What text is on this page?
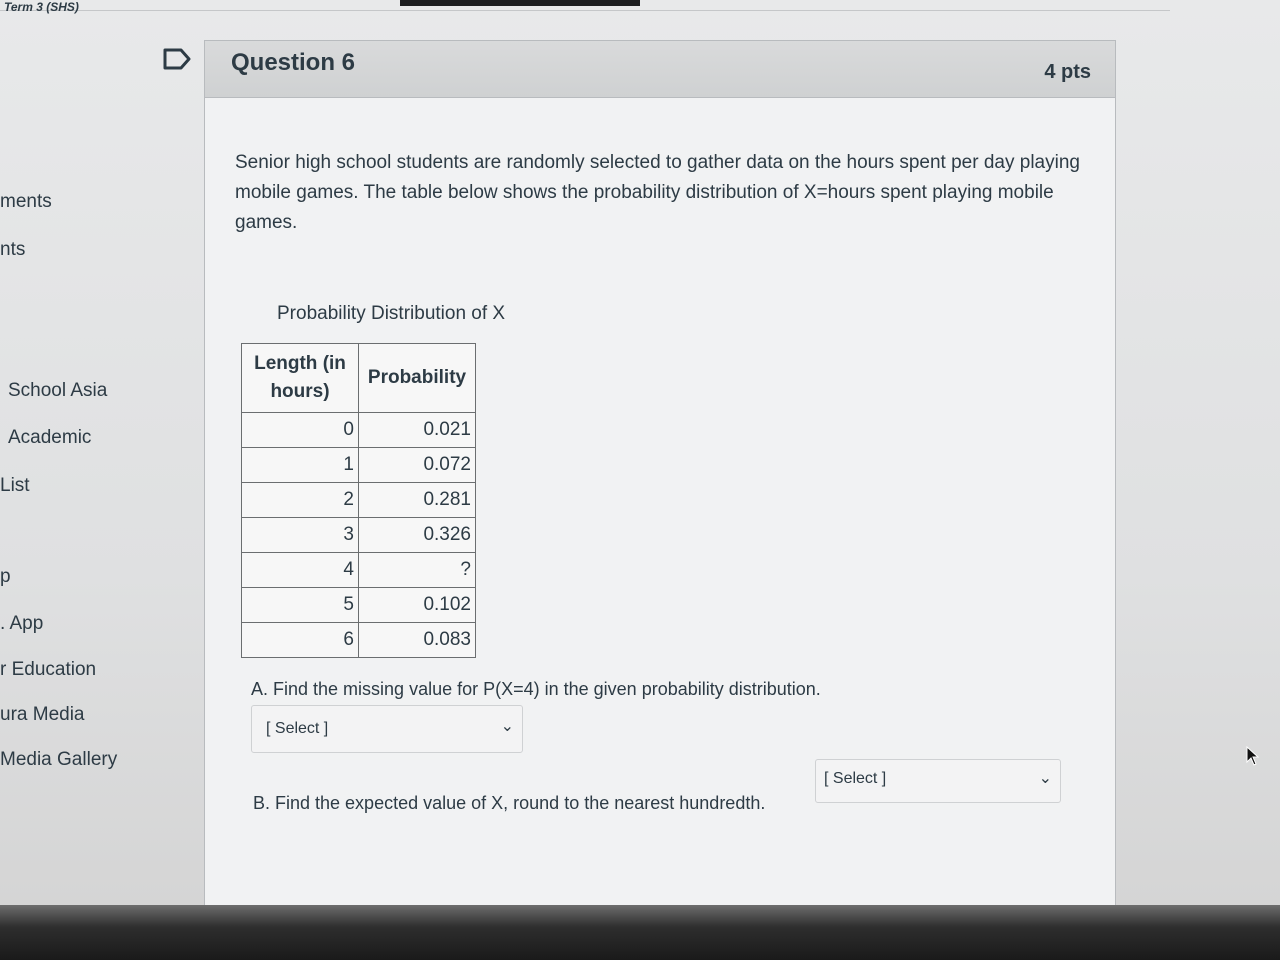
Term 3 (SHS)
ments
nts
School Asia
Academic
List
p
. App
r Education
ura Media
Media Gallery
Question 6	4 pts
Senior high school students are randomly selected to gather data on the hours spent per day playing mobile games. The table below shows the probability distribution of X=hours spent playing mobile games.
Probability Distribution of X
Length (in hours)	Probability
0	0.021
1	0.072
2	0.281
3	0.326
4	?
5	0.102
6	0.083
A. Find the missing value for P(X=4) in the given probability distribution.
[ Select ]	⌄
B. Find the expected value of X, round to the nearest hundredth.
[ Select ]	⌄
